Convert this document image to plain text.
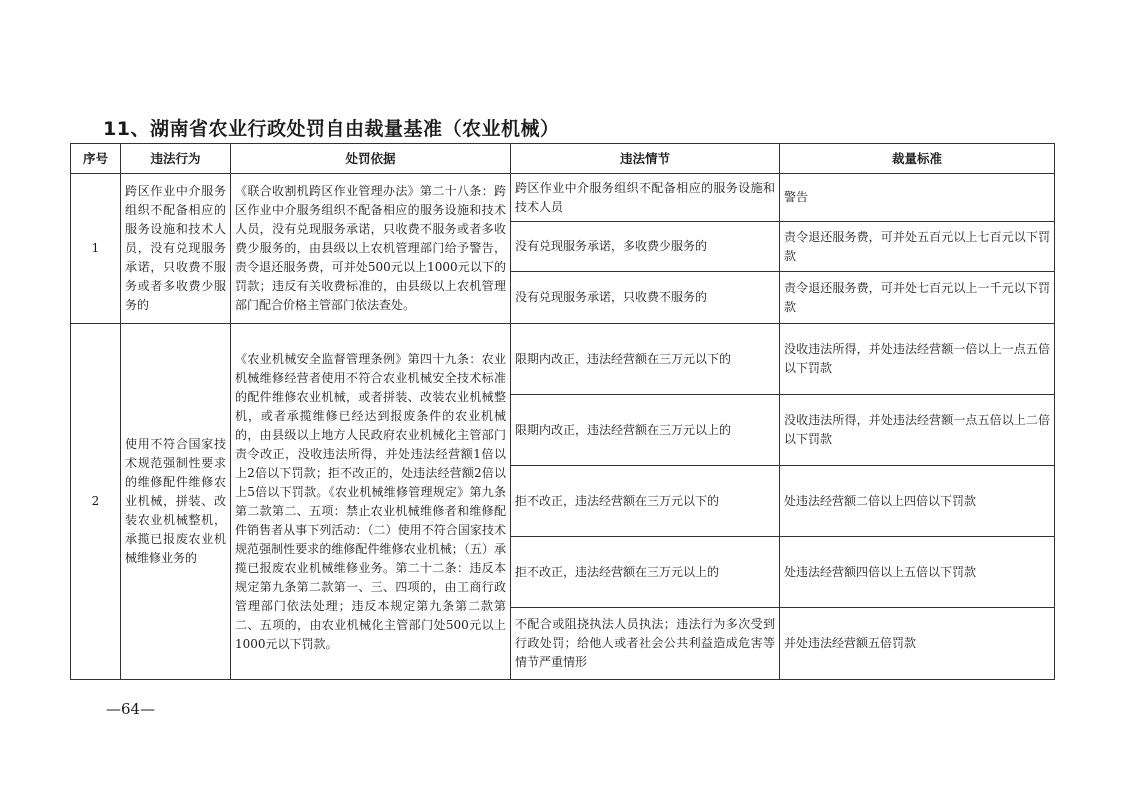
11、湖南省农业行政处罚自由裁量基准（农业机械）
序号	违法行为	处罚依据	违法情节	裁量标准
1	跨区作业中介服务组织不配备相应的服务设施和技术人员，没有兑现服务承诺，只收费不服务或者多收费少服务的	《联合收割机跨区作业管理办法》第二十八条：跨区作业中介服务组织不配备相应的服务设施和技术人员，没有兑现服务承诺，只收费不服务或者多收费少服务的，由县级以上农机管理部门给予警告，责令退还服务费，可并处500元以上1000元以下的罚款；违反有关收费标准的，由县级以上农机管理部门配合价格主管部门依法查处。	跨区作业中介服务组织不配备相应的服务设施和技术人员	警告
			没有兑现服务承诺，多收费少服务的	责令退还服务费，可并处五百元以上七百元以下罚款
			没有兑现服务承诺，只收费不服务的	责令退还服务费，可并处七百元以上一千元以下罚款
2	使用不符合国家技术规范强制性要求的维修配件维修农业机械，拼装、改装农业机械整机，承揽已报废农业机械维修业务的	《农业机械安全监督管理条例》第四十九条：农业机械维修经营者使用不符合农业机械安全技术标准的配件维修农业机械，或者拼装、改装农业机械整机，或者承揽维修已经达到报废条件的农业机械的，由县级以上地方人民政府农业机械化主管部门责令改正，没收违法所得，并处违法经营额1倍以上2倍以下罚款；拒不改正的，处违法经营额2倍以上5倍以下罚款。《农业机械维修管理规定》第九条第二款第二、五项：禁止农业机械维修者和维修配件销售者从事下列活动：（二）使用不符合国家技术规范强制性要求的维修配件维修农业机械；（五）承揽已报废农业机械维修业务。第二十二条：违反本规定第九条第二款第一、三、四项的，由工商行政管理部门依法处理；违反本规定第九条第二款第二、五项的，由农业机械化主管部门处500元以上1000元以下罚款。	限期内改正，违法经营额在三万元以下的	没收违法所得，并处违法经营额一倍以上一点五倍以下罚款
			限期内改正，违法经营额在三万元以上的	没收违法所得，并处违法经营额一点五倍以上二倍以下罚款
			拒不改正，违法经营额在三万元以下的	处违法经营额二倍以上四倍以下罚款
			拒不改正，违法经营额在三万元以上的	处违法经营额四倍以上五倍以下罚款
			不配合或阻挠执法人员执法；违法行为多次受到行政处罚；给他人或者社会公共利益造成危害等情节严重情形	并处违法经营额五倍罚款
—64—
